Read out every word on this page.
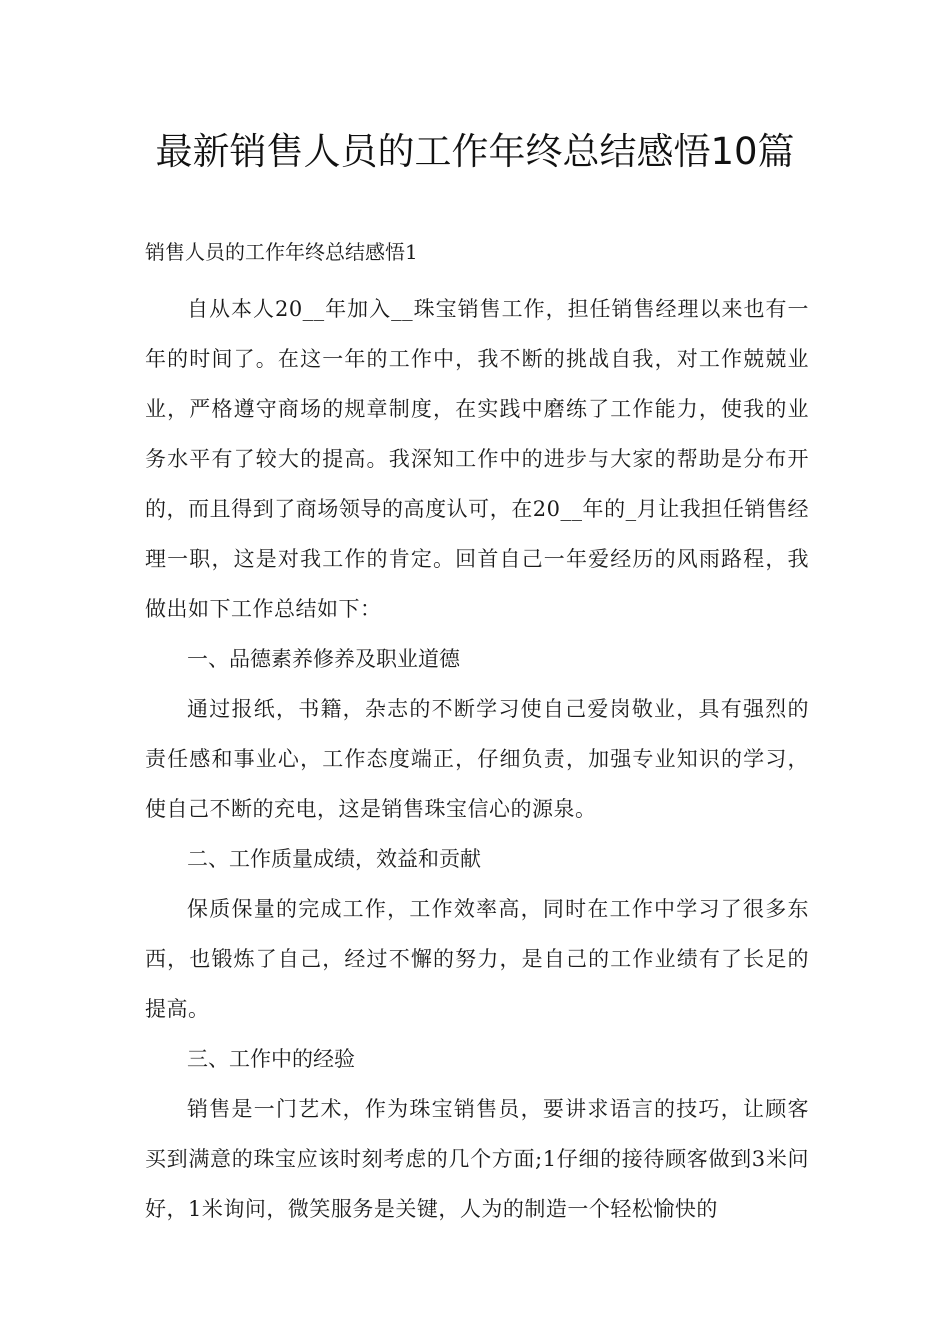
最新销售人员的工作年终总结感悟10篇

销售人员的工作年终总结感悟1

自从本人20__年加入__珠宝销售工作，担任销售经理以来也有一年的时间了。在这一年的工作中，我不断的挑战自我，对工作兢兢业业，严格遵守商场的规章制度，在实践中磨练了工作能力，使我的业务水平有了较大的提高。我深知工作中的进步与大家的帮助是分布开的，而且得到了商场领导的高度认可，在20__年的_月让我担任销售经理一职，这是对我工作的肯定。回首自己一年爱经历的风雨路程，我做出如下工作总结如下：

一、品德素养修养及职业道德

通过报纸，书籍，杂志的不断学习使自己爱岗敬业，具有强烈的责任感和事业心，工作态度端正，仔细负责，加强专业知识的学习，使自己不断的充电，这是销售珠宝信心的源泉。

二、工作质量成绩，效益和贡献

保质保量的完成工作，工作效率高，同时在工作中学习了很多东西，也锻炼了自己，经过不懈的努力，是自己的工作业绩有了长足的提高。

三、工作中的经验

销售是一门艺术，作为珠宝销售员，要讲求语言的技巧，让顾客买到满意的珠宝应该时刻考虑的几个方面;1仔细的接待顾客做到3米问好，1米询问，微笑服务是关键，人为的制造一个轻松愉快的
